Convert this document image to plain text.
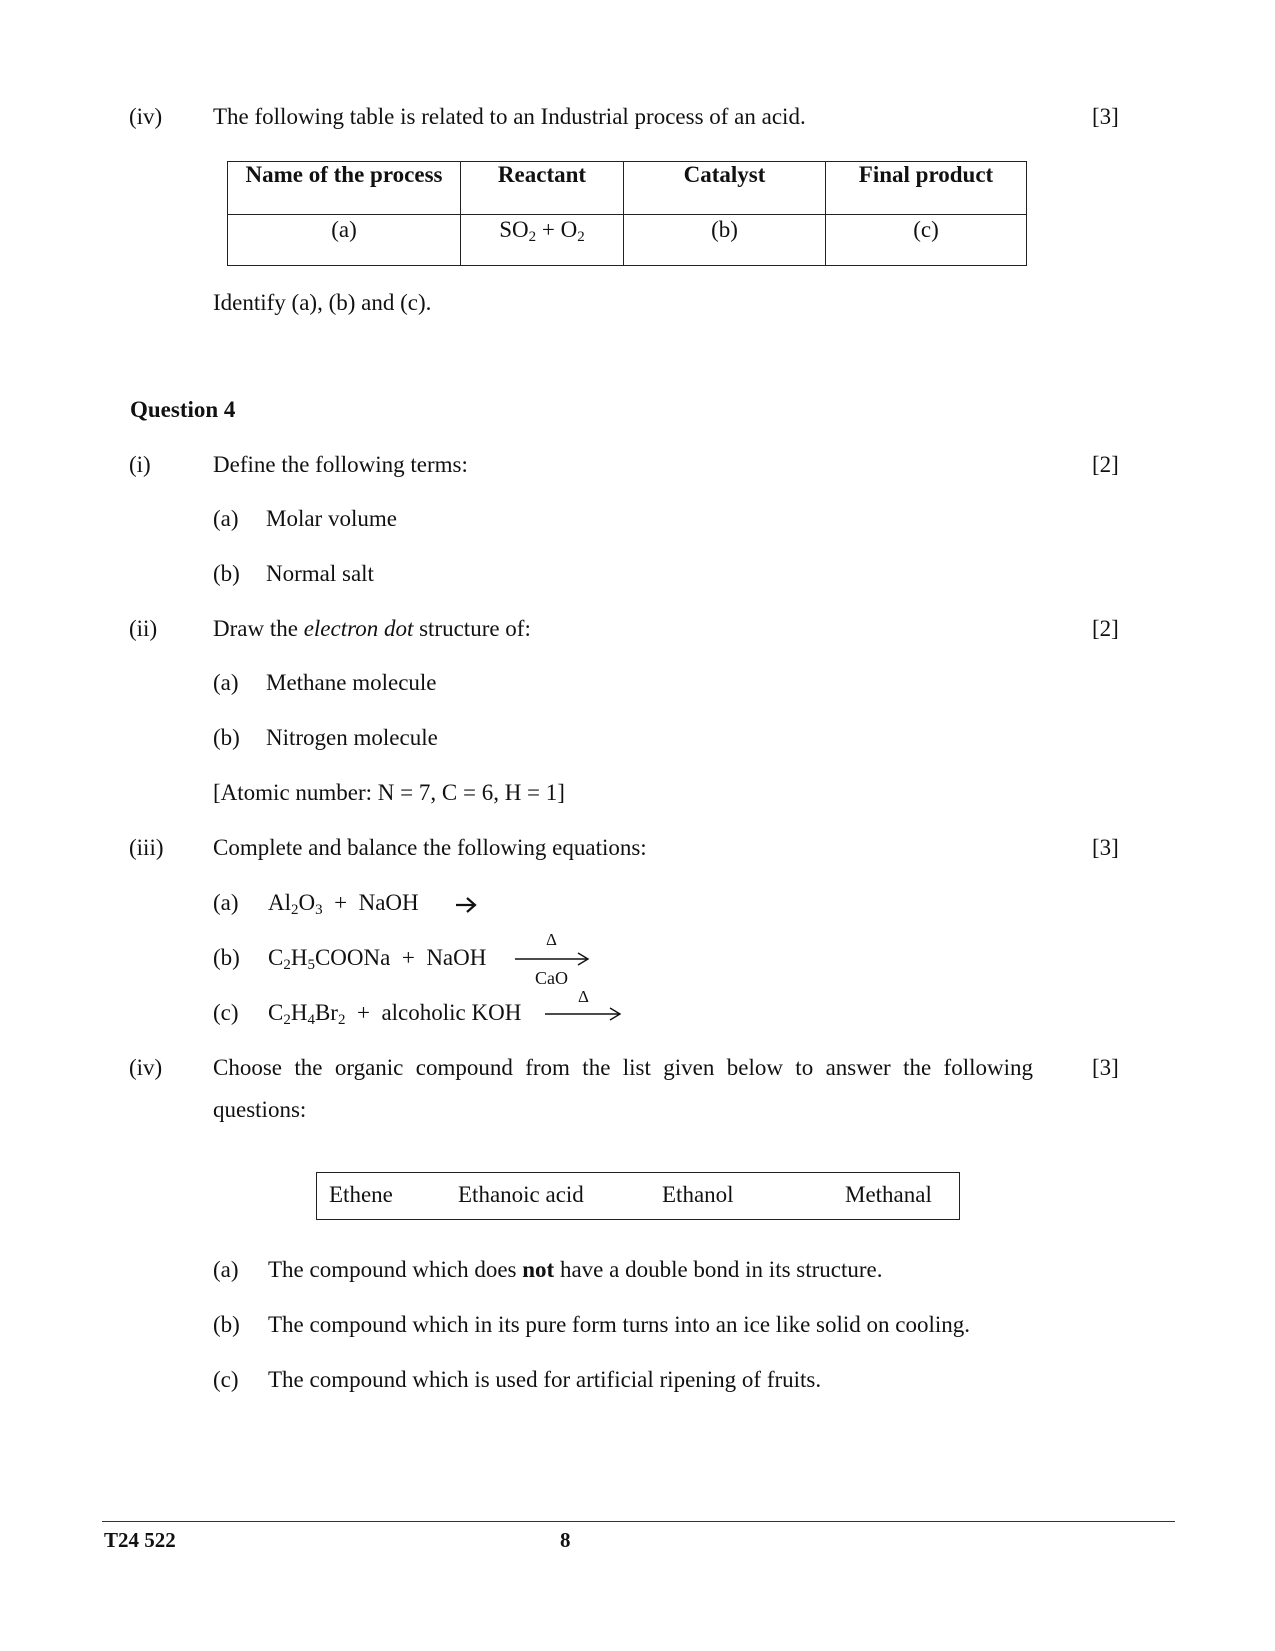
(iv) The following table is related to an Industrial process of an acid.	[3]
Name of the process	Reactant	Catalyst	Final product

(a)	$SO_2 + O_2$	(b)	(c)
Identify (a), (b) and (c).
Question 4
(i)	Define the following terms:	[2]
(a) Molar volume
(b) Normal salt
(ii) Draw the electron dot structure of:	[2]
(a) Methane molecule
(b) Nitrogen molecule
[Atomic number: N = 7, C = 6, H = 1]
(iii) Complete and balance the following equations:	[3]
(a) $Al_2O_3$  +  NaOH
(b) $C_2H_5COONa$  +  NaOH
Δ
CaO
(c) $C_2H_4Br_2$  +  alcoholic KOH
Δ
(iv) Choose the organic compound from the list given below to answer the following
questions:
[3]
Ethene	Ethanoic acid	Ethanol	Methanal
(a) The compound which does not have a double bond in its structure.
(b) The compound which in its pure form turns into an ice like solid on cooling.
(c) The compound which is used for artificial ripening of fruits.
T24 522	8
